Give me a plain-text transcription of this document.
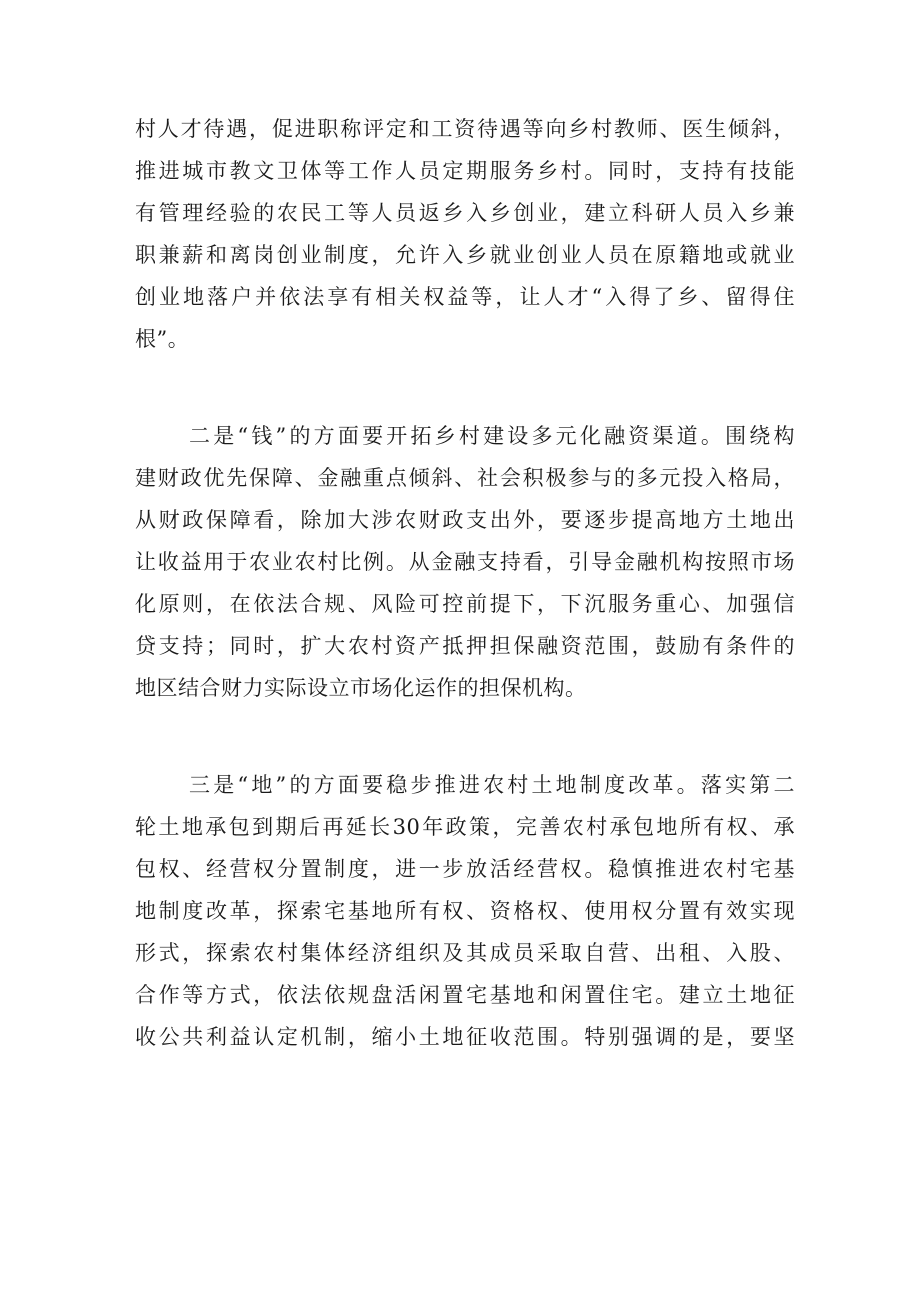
村人才待遇，促进职称评定和工资待遇等向乡村教师、医生倾斜，
推进城市教文卫体等工作人员定期服务乡村。同时，支持有技能
有管理经验的农民工等人员返乡入乡创业，建立科研人员入乡兼
职兼薪和离岗创业制度，允许入乡就业创业人员在原籍地或就业
创业地落户并依法享有相关权益等，让人才“入得了乡、留得住
根”。
二是“钱”的方面要开拓乡村建设多元化融资渠道。围绕构
建财政优先保障、金融重点倾斜、社会积极参与的多元投入格局，
从财政保障看，除加大涉农财政支出外，要逐步提高地方土地出
让收益用于农业农村比例。从金融支持看，引导金融机构按照市场
化原则，在依法合规、风险可控前提下，下沉服务重心、加强信
贷支持；同时，扩大农村资产抵押担保融资范围，鼓励有条件的
地区结合财力实际设立市场化运作的担保机构。
三是“地”的方面要稳步推进农村土地制度改革。落实第二
轮土地承包到期后再延长30年政策，完善农村承包地所有权、承
包权、经营权分置制度，进一步放活经营权。稳慎推进农村宅基
地制度改革，探索宅基地所有权、资格权、使用权分置有效实现
形式，探索农村集体经济组织及其成员采取自营、出租、入股、
合作等方式，依法依规盘活闲置宅基地和闲置住宅。建立土地征
收公共利益认定机制，缩小土地征收范围。特别强调的是，要坚
